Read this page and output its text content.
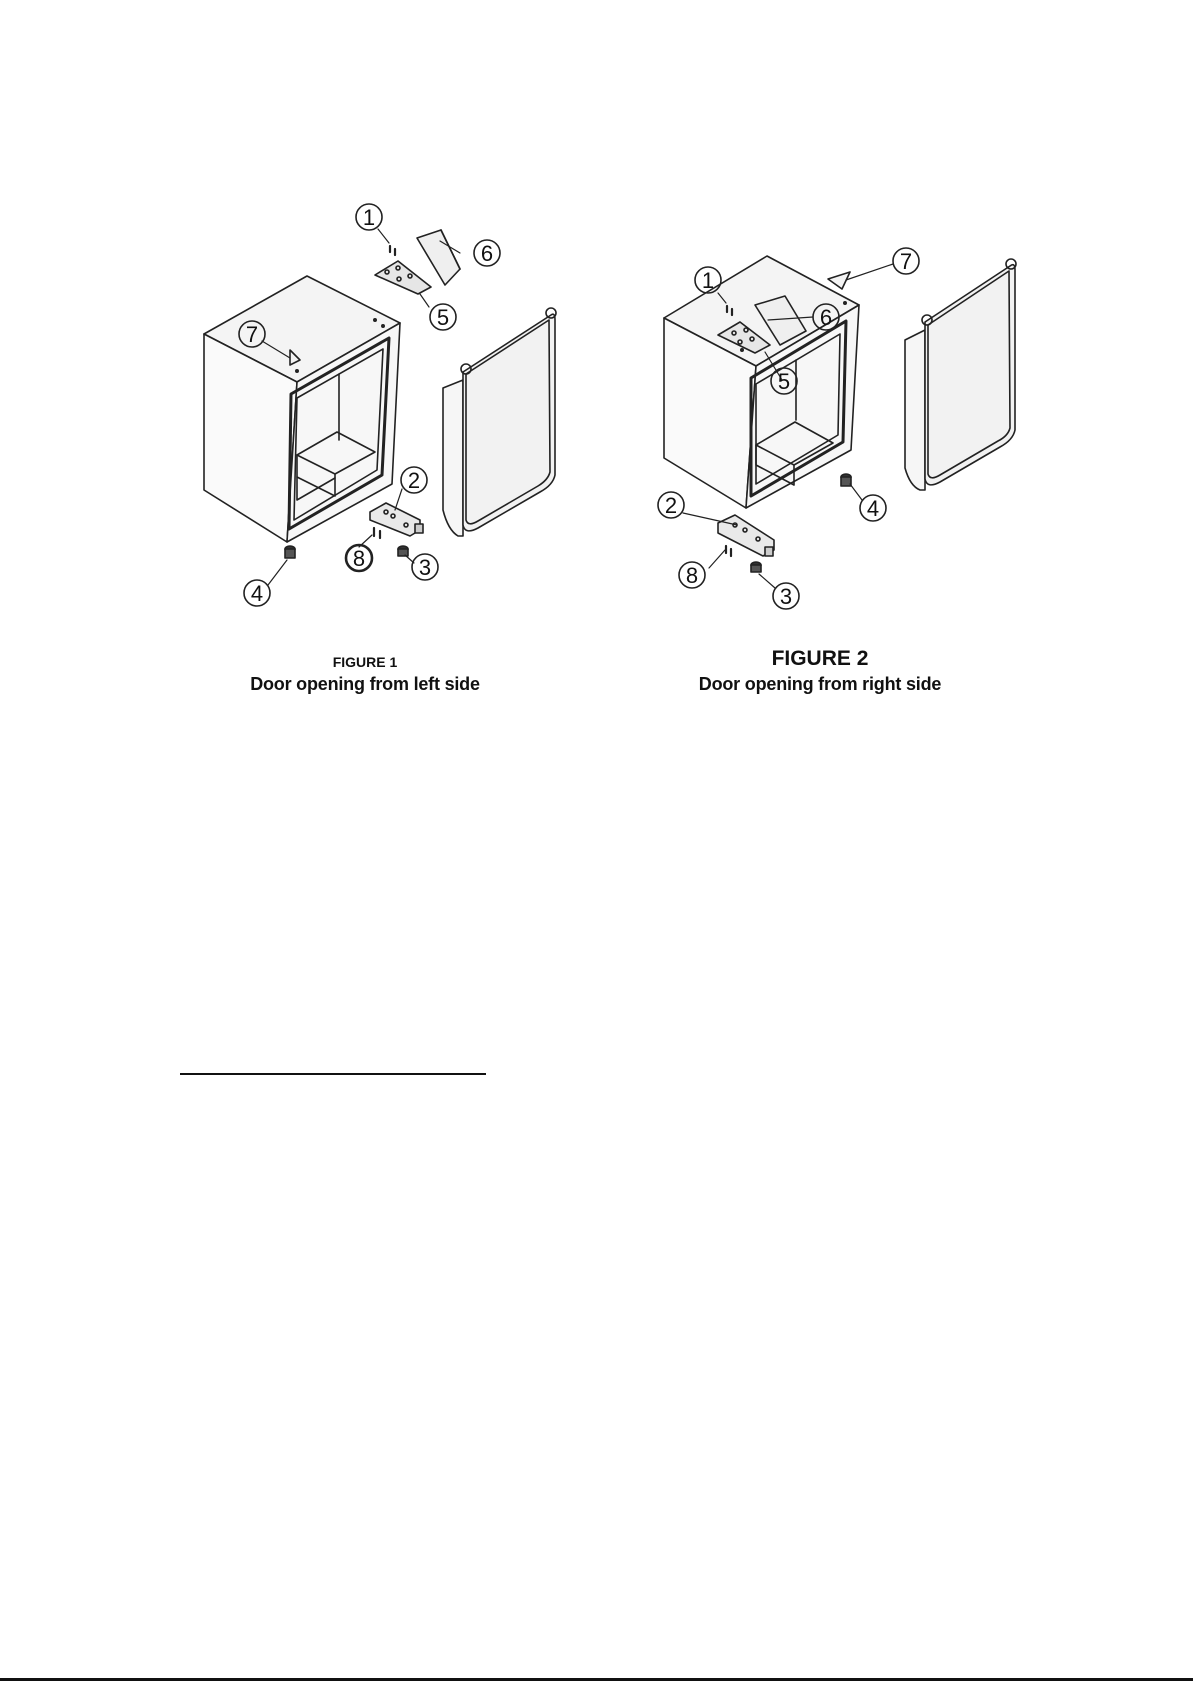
1
6
5
7
2
3
4
8
1
7
6
5
2
3
8
4
FIGURE 1
Door opening from left side
FIGURE 2
Door opening from right side
